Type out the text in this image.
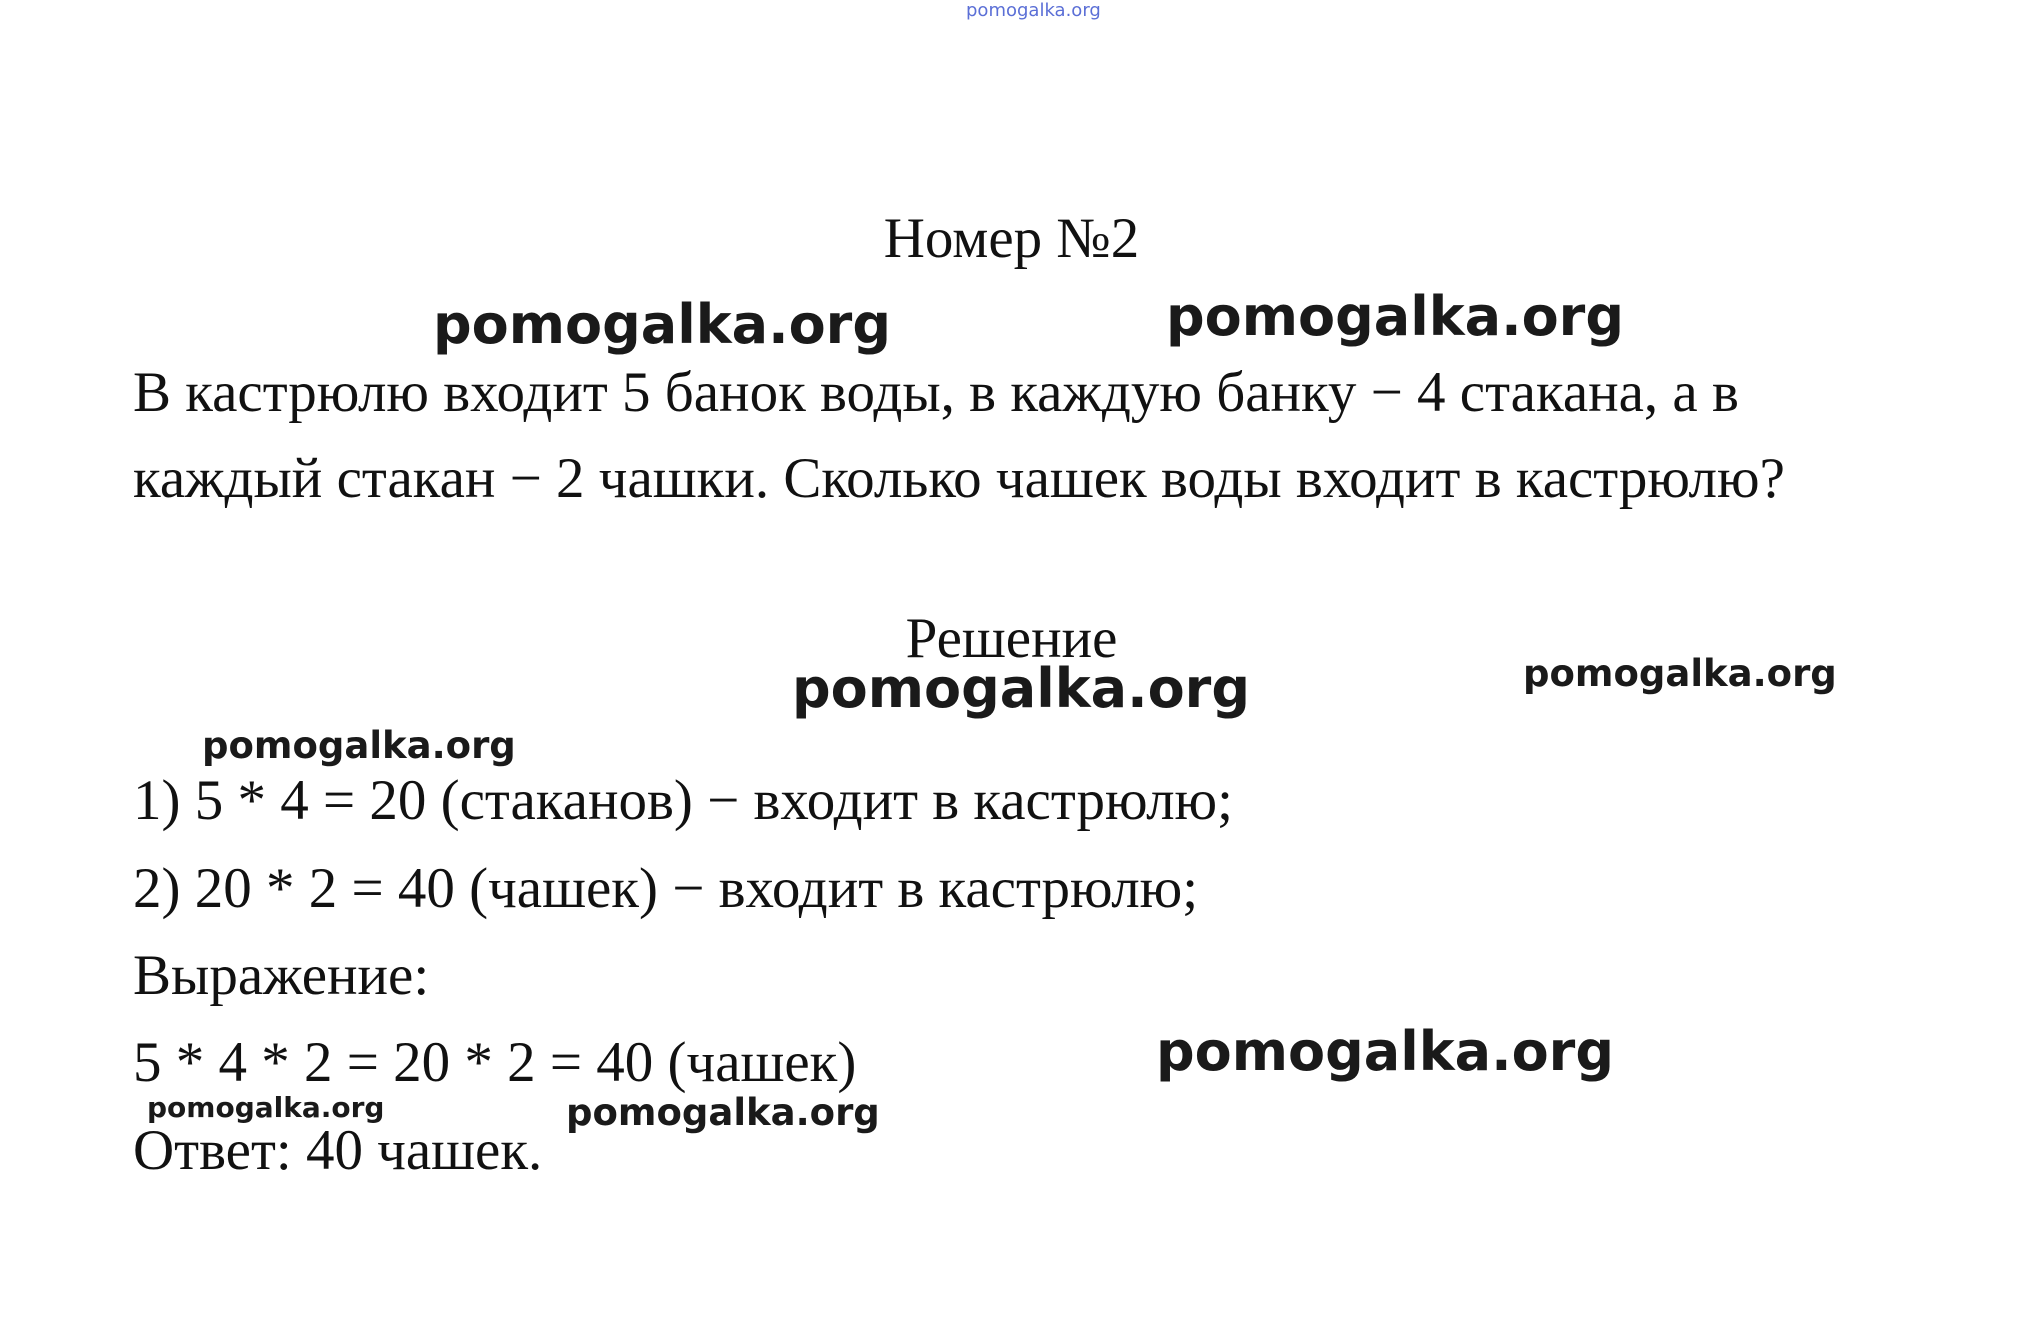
pomogalka.org
Номер №2
pomogalka.org	pomogalka.org
В кастрюлю входит 5 банок воды, в каждую банку − 4 стакана, а в
каждый стакан − 2 чашки. Сколько чашек воды входит в кастрюлю?
Решение
pomogalka.org	pomogalka.org
pomogalka.org
1) 5 * 4 = 20 (стаканов) − входит в кастрюлю;
2) 20 * 2 = 40 (чашек) − входит в кастрюлю;
Выражение:
5 * 4 * 2 = 20 * 2 = 40 (чашек)	pomogalka.org
pomogalka.org	pomogalka.org
Ответ: 40 чашек.
